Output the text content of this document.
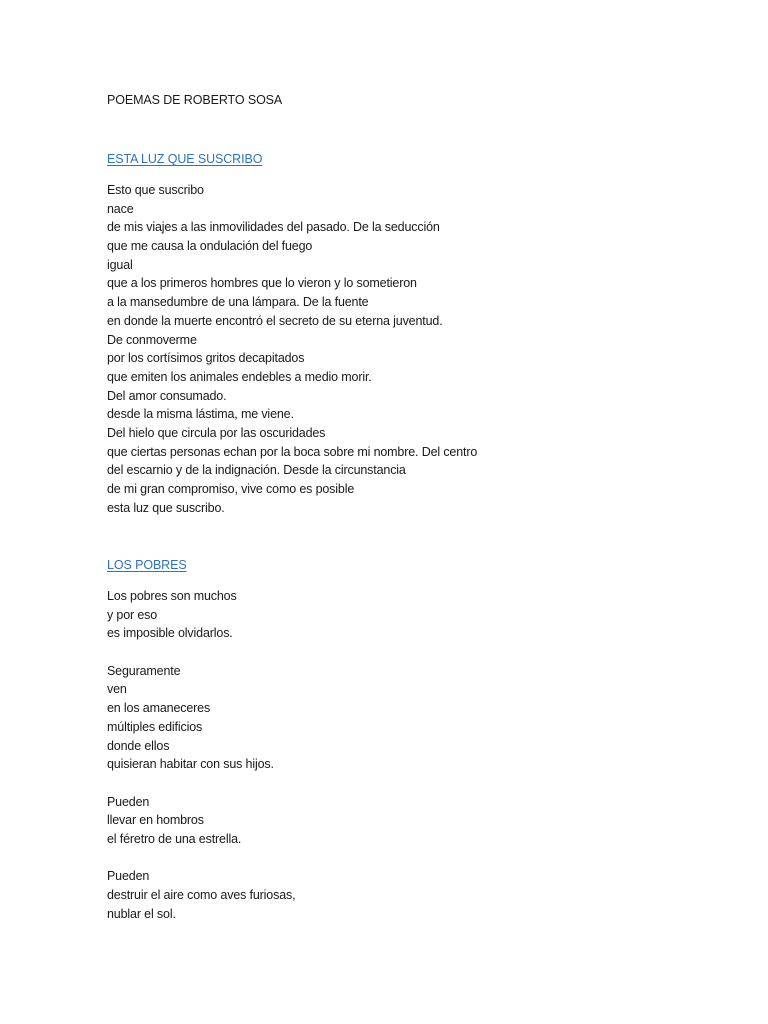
POEMAS DE ROBERTO SOSA
ESTA LUZ QUE SUSCRIBO
Esto que suscribo
nace
de mis viajes a las inmovilidades del pasado. De la seducción
que me causa la ondulación del fuego
igual
que a los primeros hombres que lo vieron y lo sometieron
a la mansedumbre de una lámpara. De la fuente
en donde la muerte encontró el secreto de su eterna juventud.
De conmoverme
por los cortísimos gritos decapitados
que emiten los animales endebles a medio morir.
Del amor consumado.
desde la misma lástima, me viene.
Del hielo que circula por las oscuridades
que ciertas personas echan por la boca sobre mi nombre. Del centro
del escarnio y de la indignación. Desde la circunstancia
de mi gran compromiso, vive como es posible
esta luz que suscribo.
LOS POBRES
Los pobres son muchos
y por eso
es imposible olvidarlos.
Seguramente
ven
en los amaneceres
múltiples edificios
donde ellos
quisieran habitar con sus hijos.
Pueden
llevar en hombros
el féretro de una estrella.
Pueden
destruir el aire como aves furiosas,
nublar el sol.
